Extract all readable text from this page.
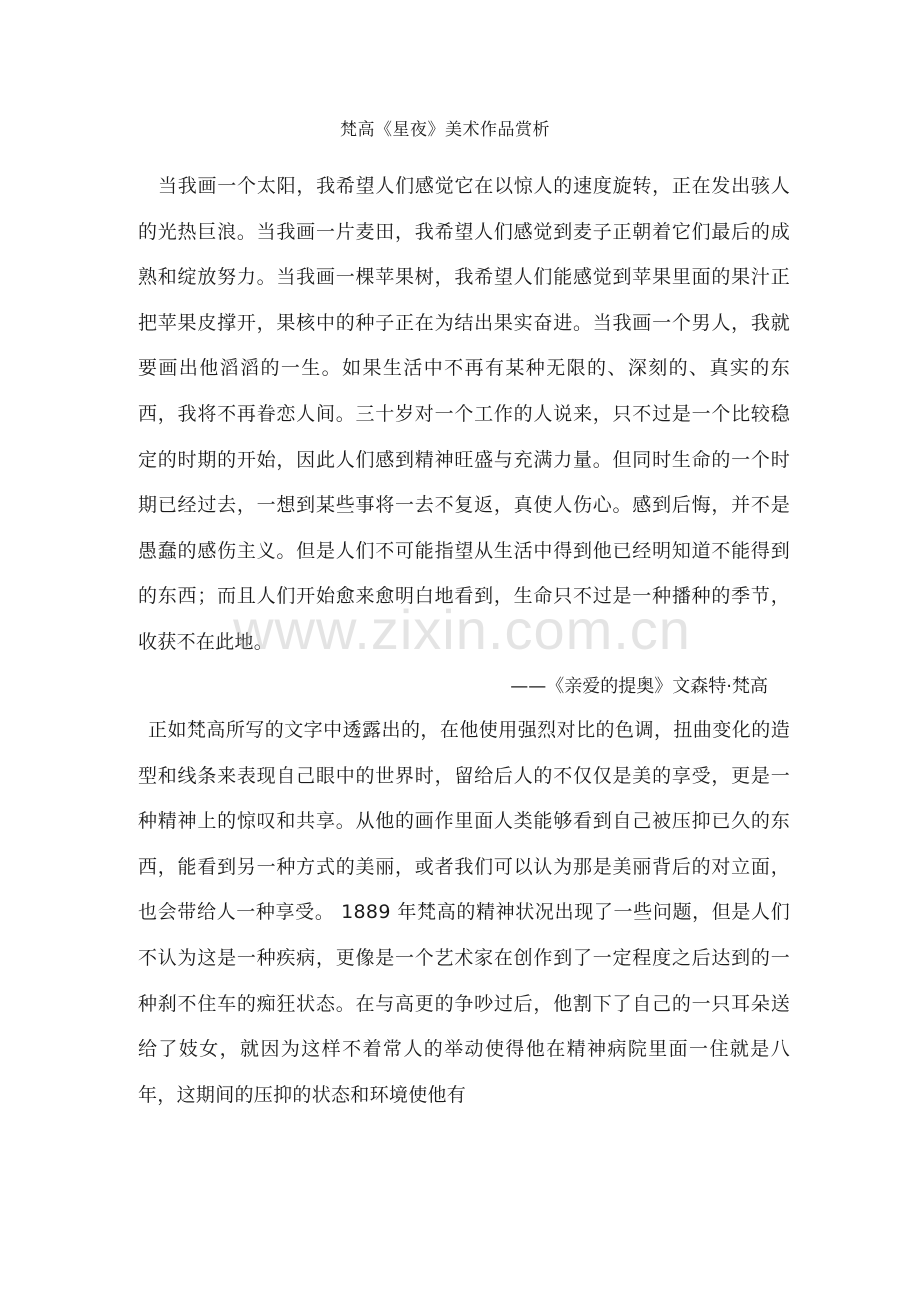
梵高《星夜》美术作品赏析

当我画一个太阳，我希望人们感觉它在以惊人的速度旋转，正在发出骇人的光热巨浪。当我画一片麦田，我希望人们感觉到麦子正朝着它们最后的成熟和绽放努力。当我画一棵苹果树，我希望人们能感觉到苹果里面的果汁正把苹果皮撑开，果核中的种子正在为结出果实奋进。当我画一个男人，我就要画出他滔滔的一生。如果生活中不再有某种无限的、深刻的、真实的东西，我将不再眷恋人间。三十岁对一个工作的人说来，只不过是一个比较稳定的时期的开始，因此人们感到精神旺盛与充满力量。但同时生命的一个时期已经过去，一想到某些事将一去不复返，真使人伤心。感到后悔，并不是愚蠢的感伤主义。但是人们不可能指望从生活中得到他已经明知道不能得到的东西；而且人们开始愈来愈明白地看到，生命只不过是一种播种的季节，收获不在此地。

——《亲爱的提奥》文森特·梵高

正如梵高所写的文字中透露出的，在他使用强烈对比的色调，扭曲变化的造型和线条来表现自己眼中的世界时，留给后人的不仅仅是美的享受，更是一种精神上的惊叹和共享。从他的画作里面人类能够看到自己被压抑已久的东西，能看到另一种方式的美丽，或者我们可以认为那是美丽背后的对立面，也会带给人一种享受。 1889 年梵高的精神状况出现了一些问题，但是人们不认为这是一种疾病，更像是一个艺术家在创作到了一定程度之后达到的一种刹不住车的痴狂状态。在与高更的争吵过后，他割下了自己的一只耳朵送给了妓女，就因为这样不着常人的举动使得他在精神病院里面一住就是八年，这期间的压抑的状态和环境使他有

www.zixin.com.cn
